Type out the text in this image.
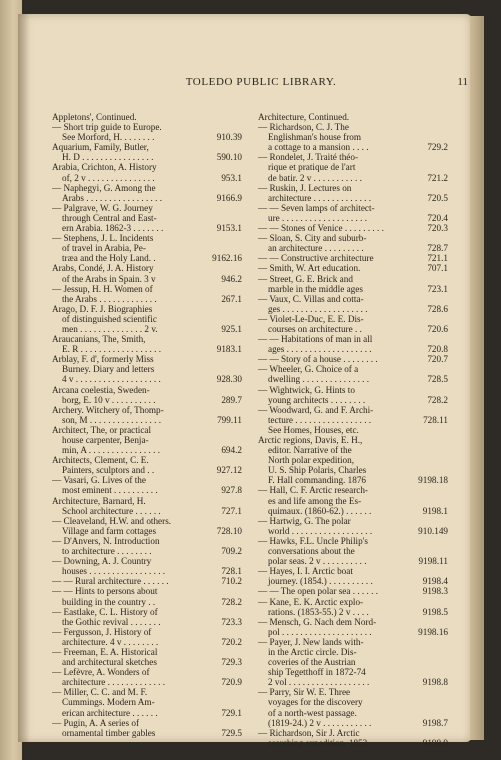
TOLEDO PUBLIC LIBRARY.	11
Appletons', Continued.
— Short trip guide to Europe.
See Morford, H. . . . . . . .	910.39
Aquarium, Family, Butler,
H. D . . . . . . . . . . . . . . . .	590.10
Arabia, Crichton, A. History
of, 2 v . . . . . . . . . . . . . . .	953.1
— Naphegyi, G. Among the
Arabs . . . . . . . . . . . . . . . . .	9166.9
— Palgrave, W. G. Journey
through Central and East-
ern Arabia. 1862-3 . . . . . . .	9153.1
— Stephens, J. L. Incidents
of travel in Arabia, Pe-
træa and the Holy Land. .	9162.16
Arabs, Condé, J. A. History
of the Arabs in Spain. 3 v	946.2
— Jessup, H. H. Women of
the Arabs . . . . . . . . . . . . .	267.1
Arago, D. F. J. Biographies
of distinguished scientific
men . . . . . . . . . . . . . . 2 v.	925.1
Araucanians, The, Smith,
E. R . . . . . . . . . . . . . . . . . .	9183.1
Arblay, F. d', formerly Miss
Burney. Diary and letters
4 v . . . . . . . . . . . . . . . . . . .	928.30
Arcana coelestia, Sweden-
borg, E. 10 v . . . . . . . . . .	289.7
Archery. Witchery of, Thomp-
son, M . . . . . . . . . . . . . . . .	799.11
Architect, The, or practical
house carpenter, Benja-
min, A . . . . . . . . . . . . . . . .	694.2
Architects, Clement, C. E.
Painters, sculptors and . .	927.12
— Vasari, G. Lives of the
most eminent . . . . . . . . . .	927.8
Architecture, Barnard, H.
School architecture . . . . . .	727.1
— Cleaveland, H.W. and others.
Village and farm cottages	728.10
— D'Anvers, N. Introduction
to architecture . . . . . . . .	709.2
— Downing, A. J. Country
houses . . . . . . . . . . . . . . . . .	728.1
— — Rural architecture . . . . . .	710.2
— — Hints to persons about
building in the country . .	728.2
— Eastlake, C. L. History of
the Gothic revival . . . . . . .	723.3
— Fergusson, J. History of
architecture. 4 v . . . . . . . .	720.2
— Freeman, E. A. Historical
and architectural sketches	729.3
— Lefèvre, A. Wonders of
architecture . . . . . . . . . . . . .	720.9
— Miller, C. C. and M. F.
Cummings. Modern Am-
erican architecture . . . . . .	729.1
— Pugin, A. A series of
ornamental timber gables	729.5
Architecture, Continued.
— Richardson, C. J. The
Englishman's house from
a cottage to a mansion . . . .	729.2
— Rondelet, J. Traité théo-
rique et pratique de l'art
de batir. 2 v . . . . . . . . . . .	721.2
— Ruskin, J. Lectures on
architecture . . . . . . . . . . . . .	720.5
— — Seven lamps of architect-
ure . . . . . . . . . . . . . . . . . . .	720.4
— — Stones of Venice . . . . . . . . .	720.3
— Sloan, S. City and suburb-
an architecture . . . . . . . . .	728.7
— — Constructive architecture	721.1
— Smith, W. Art education.	707.1
— Street, G. E. Brick and
marble in the middle ages	723.1
— Vaux, C. Villas and cotta-
ges . . . . . . . . . . . . . . . . . . .	728.6
— Violet-Le-Duc, E. E. Dis-
courses on architecture . .	720.6
— — Habitations of man in all
ages . . . . . . . . . . . . . . . . . . .	720.8
— — Story of a house . . . . . . . .	720.7
— Wheeler, G. Choice of a
dwelling . . . . . . . . . . . . . . .	728.5
— Wightwick, G. Hints to
young architects . . . . . . . .	728.2
— Woodward, G. and F. Archi-
tecture . . . . . . . . . . . . . . . . .	728.11
See Homes, Houses, etc.
Arctic regions, Davis, E. H.,
editor. Narrative of the
North polar expedition,
U. S. Ship Polaris, Charles
F. Hall commanding. 1876	9198.18
— Hall, C. F. Arctic research-
es and life among the Es-
quimaux. (1860-62.) . . . . . .	9198.1
— Hartwig, G. The polar
world . . . . . . . . . . . . . . . . . .	910.149
— Hawks, F.L. Uncle Philip's
conversations about the
polar seas. 2 v . . . . . . . . . .	9198.11
— Hayes, I. I. Arctic boat
journey. (1854.) . . . . . . . . . .	9198.4
— — The open polar sea . . . . . .	9198.3
— Kane, E. K. Arctic explo-
rations. (1853-55.) 2 v . . . .	9198.5
— Mensch, G. Nach dem Nord-
pol . . . . . . . . . . . . . . . . . . . .	9198.16
— Payer, J. New lands with-
in the Arctic circle. Dis-
coveries of the Austrian
ship Tegetthoff in 1872-74
2 vol . . . . . . . . . . . . . . . . . .	9198.8
— Parry, Sir W. E. Three
voyages for the discovery
of a north-west passage.
(1819-24.) 2 v . . . . . . . . . . .	9198.7
— Richardson, Sir J. Arctic
searching expedition. 1852	9198.9
